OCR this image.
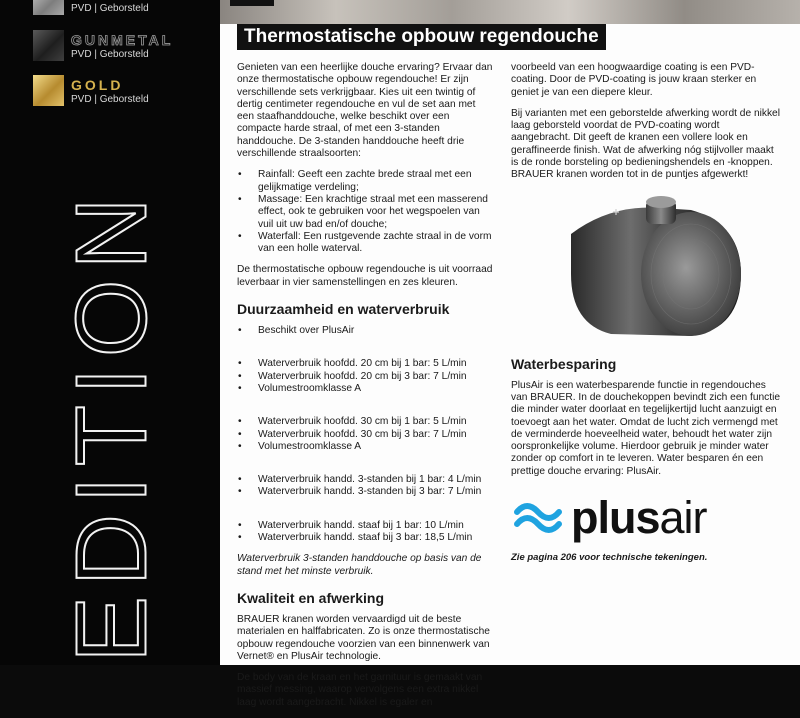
PVD | Geborsteld
GUNMETAL
PVD | Geborsteld
GOLD
PVD | Geborsteld
EDITION
Thermostatische opbouw regendouche

Genieten van een heerlijke douche ervaring? Ervaar dan onze thermostatische opbouw regendouche! Er zijn verschillende sets verkrijgbaar. Kies uit een twintig of dertig centimeter regendouche en vul de set aan met een staafhanddouche, welke beschikt over een compacte harde straal, of met een 3-standen handdouche. De 3-standen handdouche heeft drie verschillende straalsoorten:

• Rainfall: Geeft een zachte brede straal met een gelijkmatige verdeling;
• Massage: Een krachtige straal met een masserend effect, ook te gebruiken voor het wegspoelen van vuil uit uw bad en/of douche;
• Waterfall: Een rustgevende zachte straal in de vorm van een holle waterval.

De thermostatische opbouw regendouche is uit voorraad leverbaar in vier samenstellingen en zes kleuren.

Duurzaamheid en waterverbruik
• Beschikt over PlusAir
• Waterverbruik hoofdd. 20 cm bij 1 bar: 5 L/min
• Waterverbruik hoofdd. 20 cm bij 3 bar: 7 L/min
• Volumestroomklasse A
• Waterverbruik hoofdd. 30 cm bij 1 bar: 5 L/min
• Waterverbruik hoofdd. 30 cm bij 3 bar: 7 L/min
• Volumestroomklasse A
• Waterverbruik handd. 3-standen bij 1 bar: 4 L/min
• Waterverbruik handd. 3-standen bij 3 bar: 7 L/min
• Waterverbruik handd. staaf bij 1 bar: 10 L/min
• Waterverbruik handd. staaf bij 3 bar: 18,5 L/min

Waterverbruik 3-standen handdouche op basis van de stand met het minste verbruik.

Kwaliteit en afwerking

BRAUER kranen worden vervaardigd uit de beste materialen en halffabricaten. Zo is onze thermostatische opbouw regendouche voorzien van een binnenwerk van Vernet® en PlusAir technologie.

De body van de kraan en het garnituur is gemaakt van massief messing, waarop vervolgens een extra nikkel laag wordt aangebracht. Nikkel is egaler en

voorbeeld van een hoogwaardige coating is een PVD-coating. Door de PVD-coating is jouw kraan sterker en geniet je van een diepere kleur.

Bij varianten met een geborstelde afwerking wordt de nikkel laag geborsteld voordat de PVD-coating wordt aangebracht. Dit geeft de kranen een vollere look en geraffineerde finish. Wat de afwerking nóg stijlvoller maakt is de ronde borsteling op bedieningshendels en -knoppen. BRAUER kranen worden tot in de puntjes afgewerkt!

Waterbesparing

PlusAir is een waterbesparende functie in regendouches van BRAUER. In de douchekoppen bevindt zich een functie die minder water doorlaat en tegelijkertijd lucht aanzuigt en toevoegt aan het water. Omdat de lucht zich vermengd met de verminderde hoeveelheid water, behoudt het water zijn oorspronkelijke volume. Hierdoor gebruik je minder water zonder op comfort in te leveren. Water besparen én een prettige douche ervaring: PlusAir.

plusair
Zie pagina 206 voor technische tekeningen.
